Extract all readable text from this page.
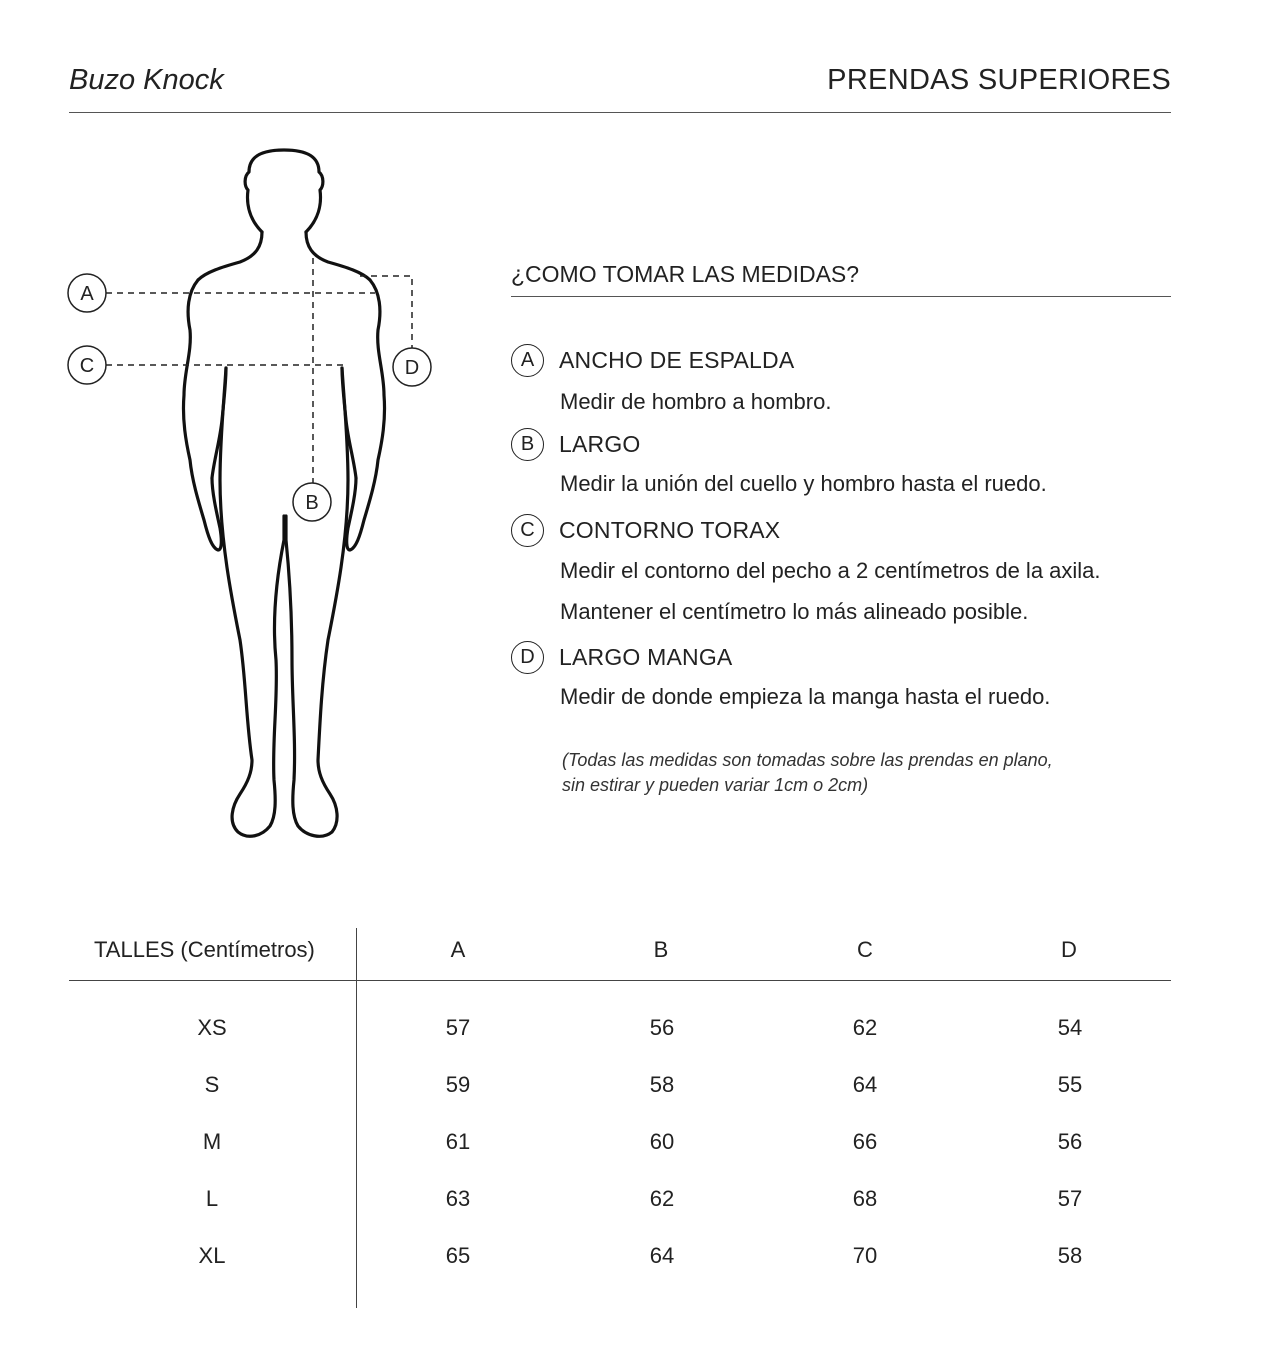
Buzo Knock	PRENDAS SUPERIORES
A
C	D
B
¿COMO TOMAR LAS MEDIDAS?
A	ANCHO DE ESPALDA
Medir de hombro a hombro.
B	LARGO
Medir la unión del cuello y hombro hasta el ruedo.
C	CONTORNO TORAX
Medir el contorno del pecho a 2 centímetros de la axila.
Mantener el centímetro lo más alineado posible.
D	LARGO MANGA
Medir de donde empieza la manga hasta el ruedo.
(Todas las medidas son tomadas sobre las prendas en plano,
sin estirar y pueden variar 1cm o 2cm)
TALLES (Centímetros)	A	B	C	D
XS	57	56	62	54
S	59	58	64	55
M	61	60	66	56
L	63	62	68	57
XL	65	64	70	58
